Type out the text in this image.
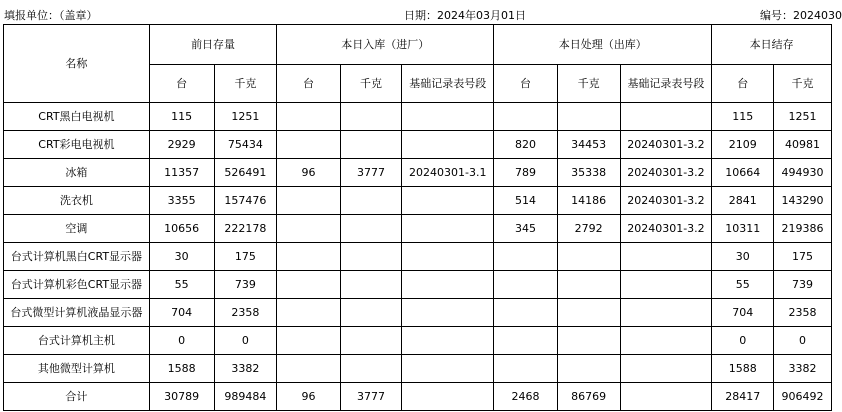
填报单位：（盖章）	日期：2024年03月01日	编号：2024030
名称	前日存量		本日入库（进厂）			本日处理（出库）			本日结存	
	台	千克	台	千克	基础记录表号段	台	千克	基础记录表号段	台	千克
CRT黑白电视机	115	1251							115	1251
CRT彩电电视机	2929	75434				820	34453	20240301-3.2	2109	40981
冰箱	11357	526491	96	3777	20240301-3.1	789	35338	20240301-3.2	10664	494930
洗衣机	3355	157476				514	14186	20240301-3.2	2841	143290
空调	10656	222178				345	2792	20240301-3.2	10311	219386
台式计算机黑白CRT显示器	30	175							30	175
台式计算机彩色CRT显示器	55	739							55	739
台式微型计算机液晶显示器	704	2358							704	2358
台式计算机主机	0	0							0	0
其他微型计算机	1588	3382							1588	3382
合计	30789	989484	96	3777		2468	86769		28417	906492
